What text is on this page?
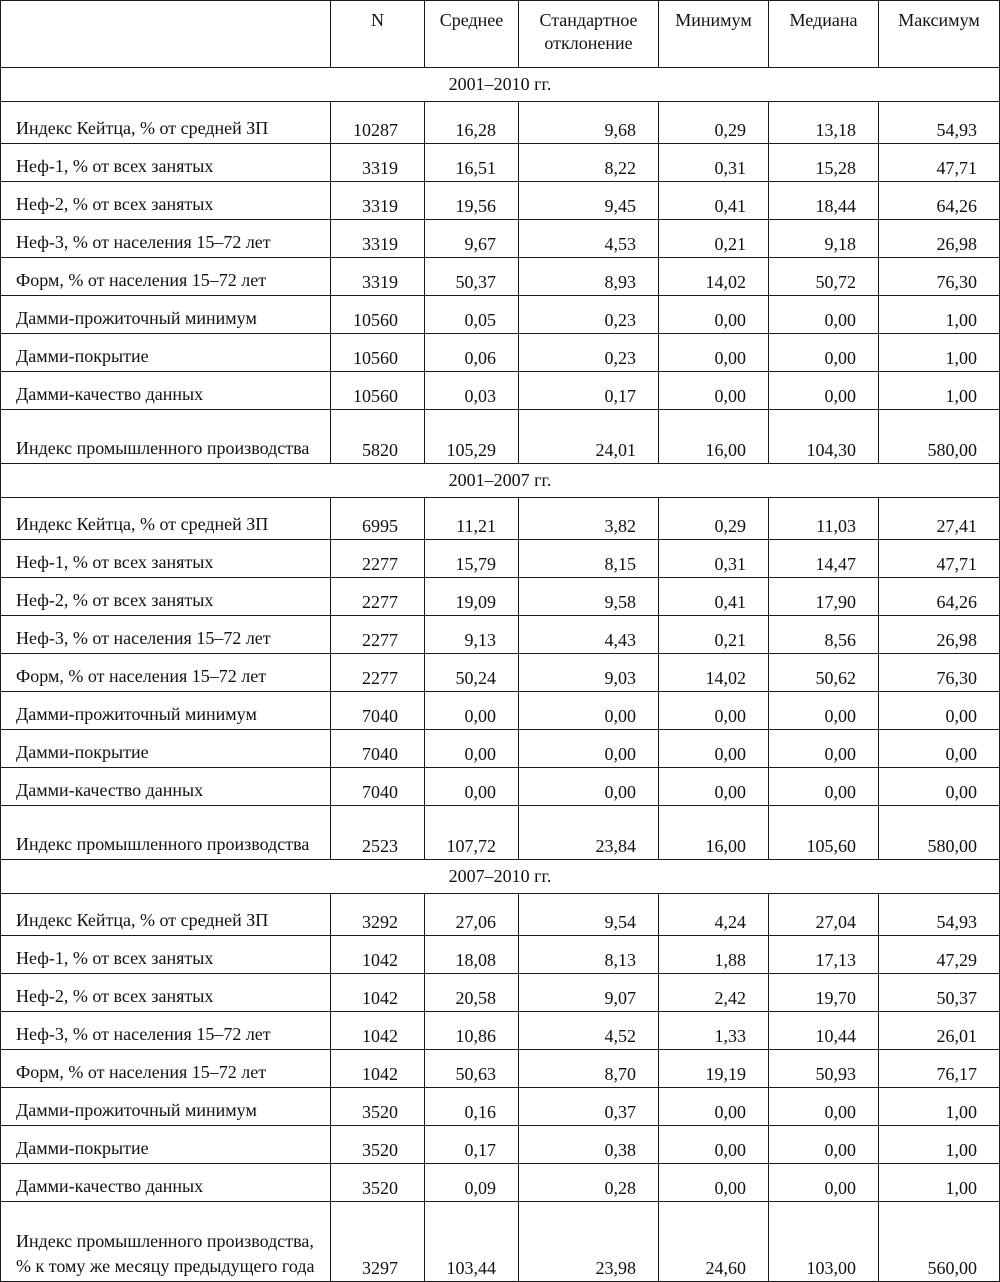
	N	Среднее	Стандартное отклонение	Минимум	Медиана	Максимум
2001–2010 гг.						
Индекс Кейтца, % от средней ЗП	10287	16,28	9,68	0,29	13,18	54,93
Неф-1, % от всех занятых	3319	16,51	8,22	0,31	15,28	47,71
Неф-2, % от всех занятых	3319	19,56	9,45	0,41	18,44	64,26
Неф-3, % от населения 15–72 лет	3319	9,67	4,53	0,21	9,18	26,98
Форм, % от населения 15–72 лет	3319	50,37	8,93	14,02	50,72	76,30
Дамми-прожиточный минимум	10560	0,05	0,23	0,00	0,00	1,00
Дамми-покрытие	10560	0,06	0,23	0,00	0,00	1,00
Дамми-качество данных	10560	0,03	0,17	0,00	0,00	1,00
Индекс промышленного производства	5820	105,29	24,01	16,00	104,30	580,00
2001–2007 гг.						
Индекс Кейтца, % от средней ЗП	6995	11,21	3,82	0,29	11,03	27,41
Неф-1, % от всех занятых	2277	15,79	8,15	0,31	14,47	47,71
Неф-2, % от всех занятых	2277	19,09	9,58	0,41	17,90	64,26
Неф-3, % от населения 15–72 лет	2277	9,13	4,43	0,21	8,56	26,98
Форм, % от населения 15–72 лет	2277	50,24	9,03	14,02	50,62	76,30
Дамми-прожиточный минимум	7040	0,00	0,00	0,00	0,00	0,00
Дамми-покрытие	7040	0,00	0,00	0,00	0,00	0,00
Дамми-качество данных	7040	0,00	0,00	0,00	0,00	0,00
Индекс промышленного производства	2523	107,72	23,84	16,00	105,60	580,00
2007–2010 гг.						
Индекс Кейтца, % от средней ЗП	3292	27,06	9,54	4,24	27,04	54,93
Неф-1, % от всех занятых	1042	18,08	8,13	1,88	17,13	47,29
Неф-2, % от всех занятых	1042	20,58	9,07	2,42	19,70	50,37
Неф-3, % от населения 15–72 лет	1042	10,86	4,52	1,33	10,44	26,01
Форм, % от населения 15–72 лет	1042	50,63	8,70	19,19	50,93	76,17
Дамми-прожиточный минимум	3520	0,16	0,37	0,00	0,00	1,00
Дамми-покрытие	3520	0,17	0,38	0,00	0,00	1,00
Дамми-качество данных	3520	0,09	0,28	0,00	0,00	1,00
Индекс промышленного производства, % к тому же месяцу предыдущего года	3297	103,44	23,98	24,60	103,00	560,00
